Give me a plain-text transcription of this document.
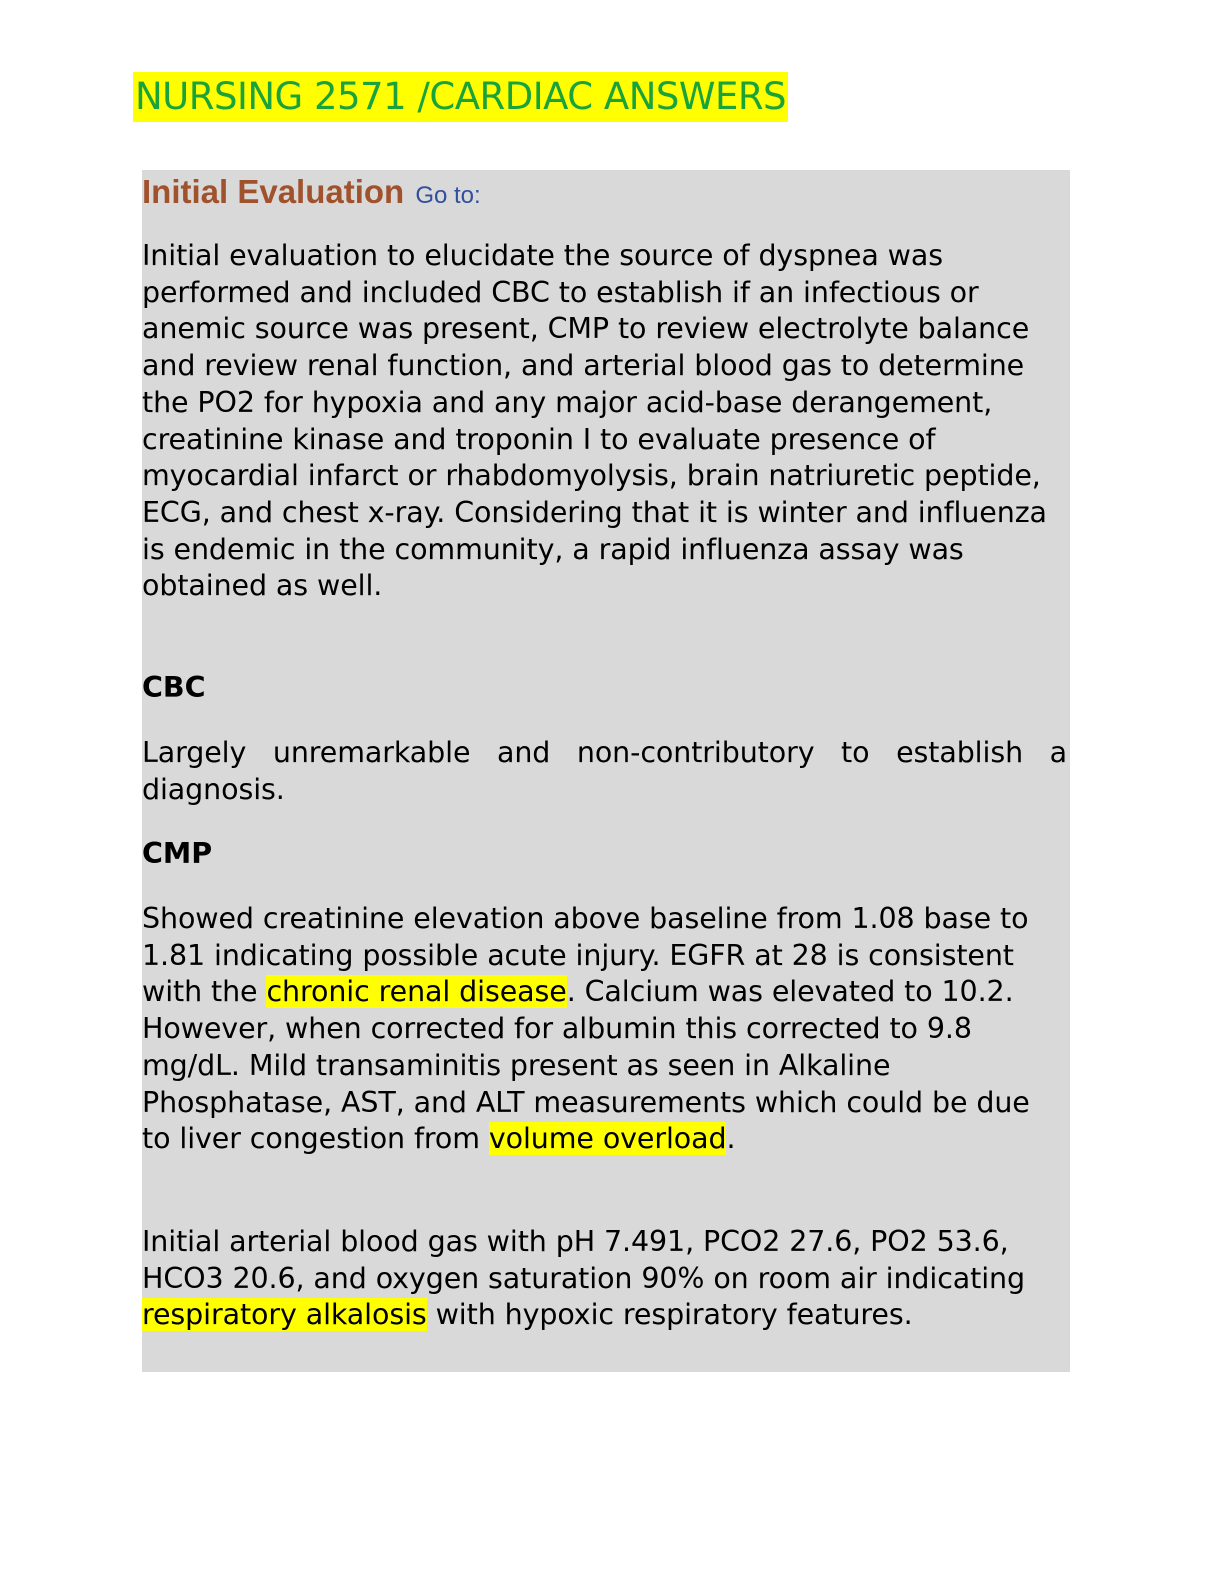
NURSING 2571 /CARDIAC ANSWERS
Initial Evaluation Go to:

Initial evaluation to elucidate the source of dyspnea was performed and included CBC to establish if an infectious or anemic source was present, CMP to review electrolyte balance and review renal function, and arterial blood gas to determine the PO2 for hypoxia and any major acid-base derangement, creatinine kinase and troponin I to evaluate presence of myocardial infarct or rhabdomyolysis, brain natriuretic peptide, ECG, and chest x-ray. Considering that it is winter and influenza is endemic in the community, a rapid influenza assay was obtained as well.

CBC

Largely unremarkable and non-contributory to establish a diagnosis.

CMP

Showed creatinine elevation above baseline from 1.08 base to 1.81 indicating possible acute injury. EGFR at 28 is consistent with the chronic renal disease. Calcium was elevated to 10.2. However, when corrected for albumin this corrected to 9.8 mg/dL. Mild transaminitis present as seen in Alkaline Phosphatase, AST, and ALT measurements which could be due to liver congestion from volume overload.

Initial arterial blood gas with pH 7.491, PCO2 27.6, PO2 53.6, HCO3 20.6, and oxygen saturation 90% on room air indicating respiratory alkalosis with hypoxic respiratory features.
